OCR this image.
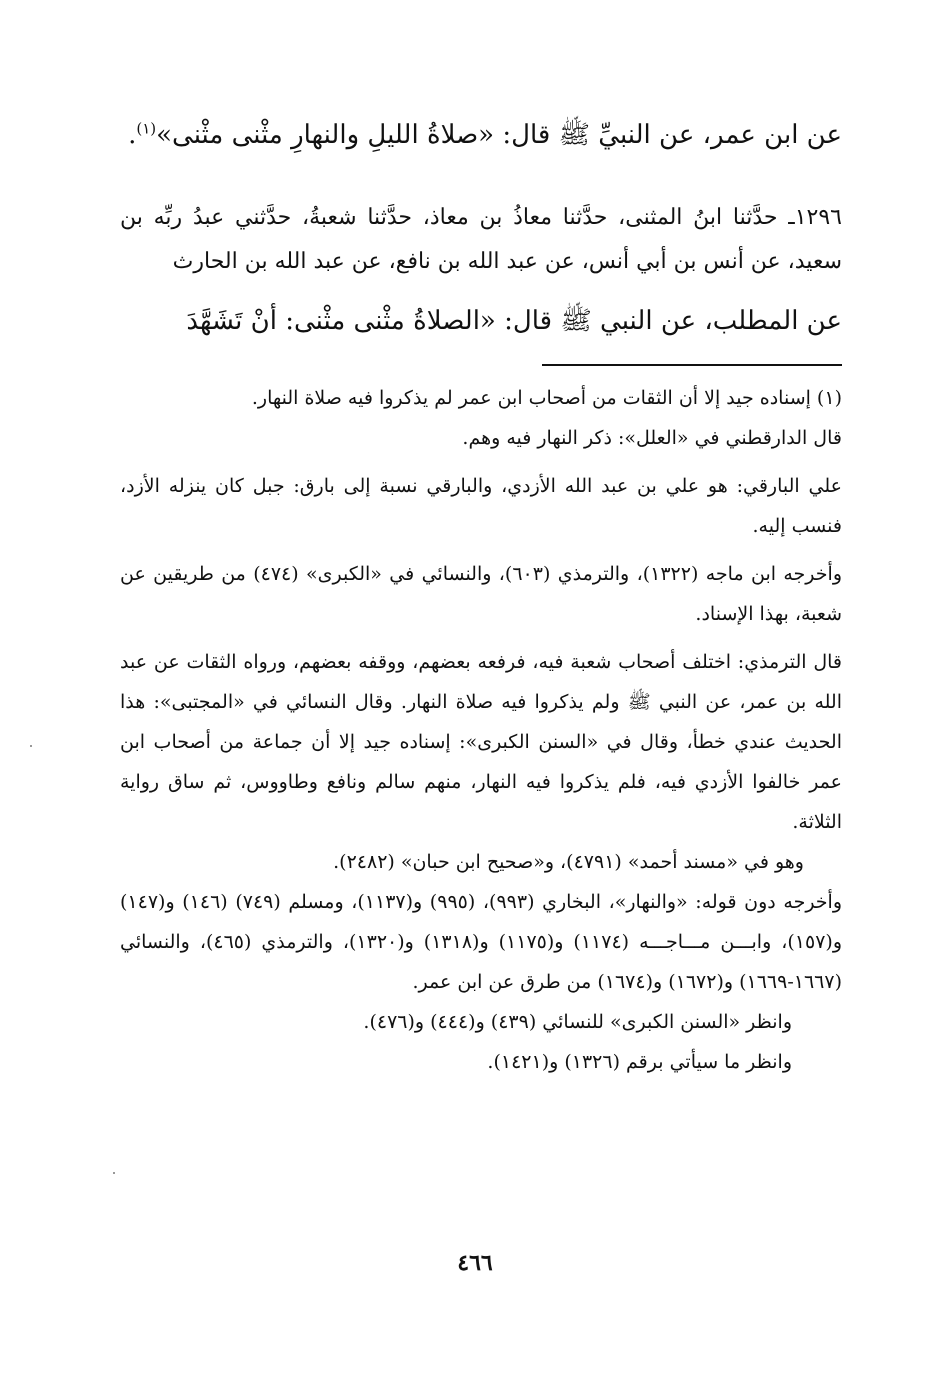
عن ابن عمر، عن النبيِّ ﷺ قال: «صلاةُ الليلِ والنهارِ مثْنى مثْنى»$^{(١)}$.

١٢٩٦ـ حدَّثنا ابنُ المثنى، حدَّثنا معاذُ بن معاذ، حدَّثنا شعبةُ، حدَّثني عبدُ ربِّه بن سعيد، عن أنس بن أبي أنس، عن عبد الله بن نافع، عن عبد الله بن الحارث

عن المطلب، عن النبي ﷺ قال: «الصلاةُ مثْنى مثْنى: أنْ تَشَهَّدَ

(١) إسناده جيد إلا أن الثقات من أصحاب ابن عمر لم يذكروا فيه صلاة النهار.

قال الدارقطني في «العلل»: ذكر النهار فيه وهم.

علي البارقي: هو علي بن عبد الله الأزدي، والبارقي نسبة إلى بارق: جبل كان ينزله الأزد، فنسب إليه.

وأخرجه ابن ماجه (١٣٢٢)، والترمذي (٦٠٣)، والنسائي في «الكبرى» (٤٧٤) من طريقين عن شعبة، بهذا الإسناد.

قال الترمذي: اختلف أصحاب شعبة فيه، فرفعه بعضهم، ووقفه بعضهم، ورواه الثقات عن عبد الله بن عمر، عن النبي ﷺ ولم يذكروا فيه صلاة النهار. وقال النسائي في «المجتبى»: هذا الحديث عندي خطأ، وقال في «السنن الكبرى»: إسناده جيد إلا أن جماعة من أصحاب ابن عمر خالفوا الأزدي فيه، فلم يذكروا فيه النهار، منهم سالم ونافع وطاووس، ثم ساق رواية الثلاثة.

وهو في «مسند أحمد» (٤٧٩١)، و«صحيح ابن حبان» (٢٤٨٢).

وأخرجه دون قوله: «والنهار»، البخاري (٩٩٣)، (٩٩٥) و(١١٣٧)، ومسلم (٧٤٩) (١٤٦) و(١٤٧) و(١٥٧)، وابـــن مـــاجـــه (١١٧٤) و(١١٧٥) و(١٣١٨) و(١٣٢٠)، والترمذي (٤٦٥)، والنسائي (١٦٦٧-١٦٦٩) و(١٦٧٢) و(١٦٧٤) من طرق عن ابن عمر.

وانظر «السنن الكبرى» للنسائي (٤٣٩) و(٤٤٤) و(٤٧٦).

وانظر ما سيأتي برقم (١٣٢٦) و(١٤٢١).

٤٦٦
